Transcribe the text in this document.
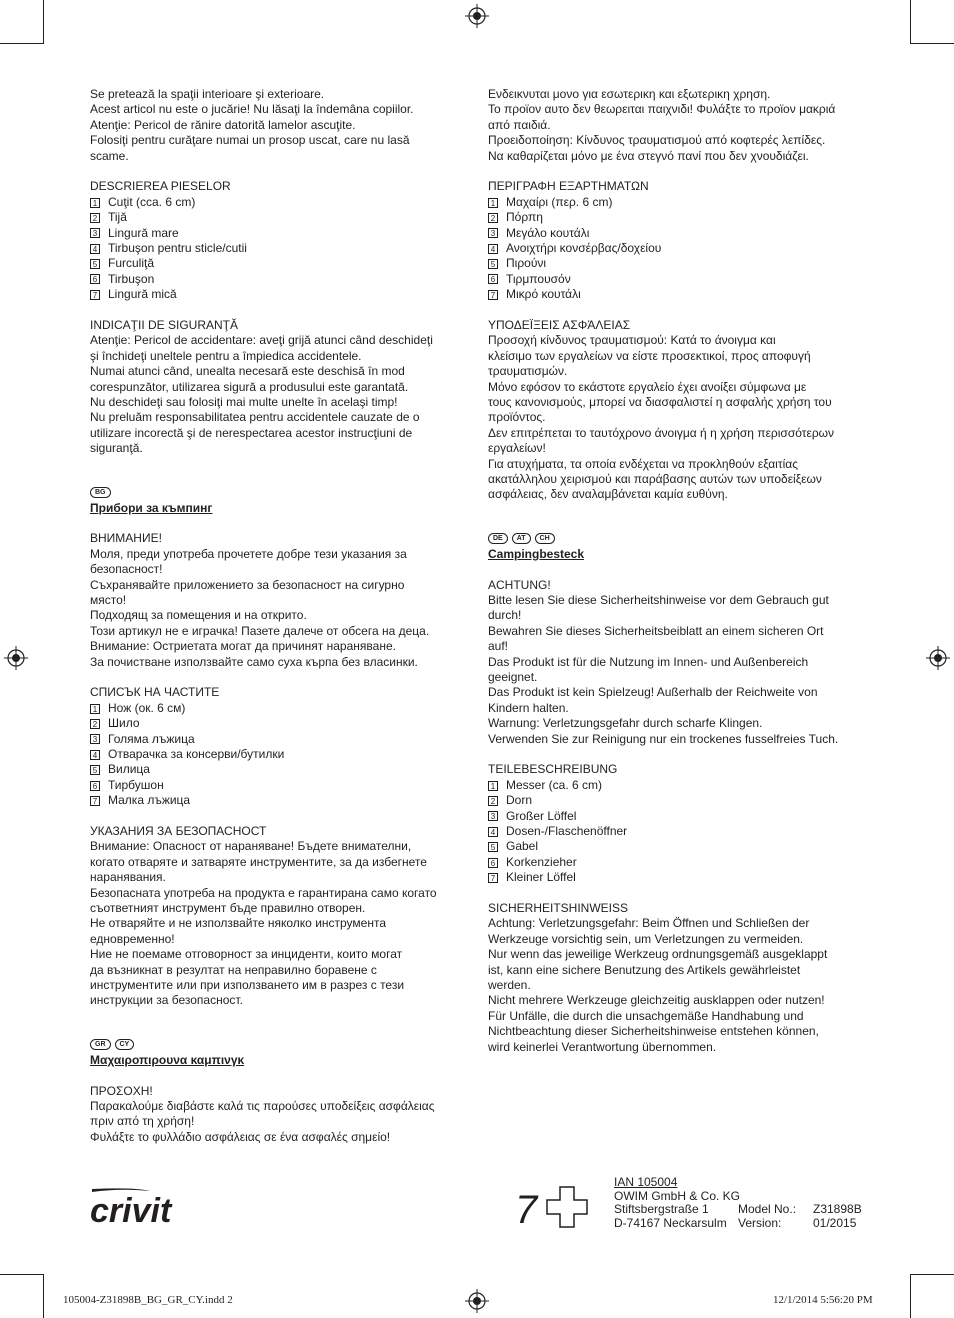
Se pretează la spaţii interioare şi exterioare.

Acest articol nu este o jucărie! Nu lăsaţi la îndemâna copiilor.

Atenţie: Pericol de rănire datorită lamelor ascuţite.

Folosiţi pentru curăţare numai un prosop uscat, care nu lasă

scame.

DESCRIEREA PIESELOR

1 Cuţit (cca. 6 cm)
2 Tijă
3 Lingură mare
4 Tirbuşon pentru sticle/cutii
5 Furculiţă
6 Tirbuşon
7 Lingură mică

INDICAŢII DE SIGURANŢĂ

Atenţie: Pericol de accidentare: aveţi grijă atunci când deschideţi

şi închideţi uneltele pentru a împiedica accidentele.

Numai atunci când, unealta necesară este deschisă în mod

corespunzător, utilizarea sigură a produsului este garantată.

Nu deschideţi sau folosiţi mai multe unelte în acelaşi timp!

Nu preluăm responsabilitatea pentru accidentele cauzate de o

utilizare incorectă şi de nerespectarea acestor instrucţiuni de

siguranţă.

BG

Прибори за къмпинг

ВНИМАНИЕ!

Моля, преди употреба прочетете добре тези указания за

безопасност!

Съхранявайте приложението за безопасност на сигурно

място!

Подходящ за помещения и на открито.

Този артикул не е играчка! Пазете далече от обсега на деца.

Внимание: Остриетата могат да причинят нараняване.

За почистване използвайте само суха кърпа без власинки.

СПИСЪК НА ЧАСТИТЕ

1 Нож (ок. 6 см)
2 Шило
3 Голяма лъжица
4 Отварачка за консерви/бутилки
5 Вилица
6 Тирбушон
7 Малка лъжица

УКАЗАНИЯ ЗА БЕЗОПАСНОСТ

Внимание: Опасност от нараняване! Бъдете внимателни,

когато отваряте и затваряте инструментите, за да избегнете

наранявания.

Безопасната употреба на продукта е гарантирана само когато

съответният инструмент бъде правилно отворен.

Не отваряйте и не използвайте няколко инструмента

едновременно!

Ние не поемаме отговорност за инциденти, които могат

да възникнат в резултат на неправилно боравене с

инструментите или при използването им в разрез с тези

инструкции за безопасност.

GR	CY

Μαχαιροπιρουνα καμπινγκ

ΠΡΟΣΟΧΗ!

Παρακαλούμε διαβάστε καλά τις παρούσες υποδείξεις ασφάλειας

πριν από τη χρήση!

Φυλάξτε το φυλλάδιο ασφάλειας σε ένα ασφαλές σημείο!

Ενδεικνυται μονο για εσωτερικη και εξωτερικη χρηση.

Το προϊον αυτο δεν θεωρειται παιχνιδι! Φυλάξτε το προϊον μακριά

από παιδιά.

Προειδοποίηση: Κίνδυνος τραυματισμού από κοφτερές λεπίδες.

Να καθαρίζεται μόνο με ένα στεγνό πανί που δεν χνουδιάζει.

ΠΕΡΙΓΡΑΦΗ ΕΞΑΡΤΗΜΑΤΩΝ

1 Μαχαίρι (περ. 6 cm)
2 Πόρπη
3 Μεγάλο κουτάλι
4 Ανοιχτήρι κονσέρβας/δοχείου
5 Πιρούνι
6 Τιρμπουσόν
7 Μικρό κουτάλι

ΥΠΟΔΕΪΞΕΙΣ ΑΣΦΆΛΕΙΑΣ

Προσοχή κίνδυνος τραυματισμού: Κατά το άνοιγμα και

κλείσιμο των εργαλείων να είστε προσεκτικοί, προς αποφυγή

τραυματισμών.

Μόνο εφόσον το εκάστοτε εργαλείο έχει ανοίξει σύμφωνα με

τους κανονισμούς, μπορεί να διασφαλιστεί η ασφαλής χρήση του

προϊόντος.

Δεν επιτρέπεται το ταυτόχρονο άνοιγμα ή η χρήση περισσότερων

εργαλείων!

Για ατυχήματα, τα οποία ενδέχεται να προκληθούν εξαιτίας

ακατάλληλου χειρισμού και παράβασης αυτών των υποδείξεων

ασφάλειας, δεν αναλαμβάνεται καμία ευθύνη.

DE	AT	CH

Campingbesteck

ACHTUNG!

Bitte lesen Sie diese Sicherheitshinweise vor dem Gebrauch gut

durch!

Bewahren Sie dieses Sicherheitsbeiblatt an einem sicheren Ort

auf!

Das Produkt ist für die Nutzung im Innen- und Außenbereich

geeignet.

Das Produkt ist kein Spielzeug! Außerhalb der Reichweite von

Kindern halten.

Warnung: Verletzungsgefahr durch scharfe Klingen.

Verwenden Sie zur Reinigung nur ein trockenes fusselfreies Tuch.

TEILEBESCHREIBUNG

1 Messer (ca. 6 cm)
2 Dorn
3 Großer Löffel
4 Dosen-/Flaschenöffner
5 Gabel
6 Korkenzieher
7 Kleiner Löffel

SICHERHEITSHINWEISS

Achtung: Verletzungsgefahr: Beim Öffnen und Schließen der

Werkzeuge vorsichtig sein, um Verletzungen zu vermeiden.

Nur wenn das jeweilige Werkzeug ordnungsgemäß ausgeklappt

ist, kann eine sichere Benutzung des Artikels gewährleistet

werden.

Nicht mehrere Werkzeuge gleichzeitig ausklappen oder nutzen!

Für Unfälle, die durch die unsachgemäße Handhabung und

Nichtbeachtung dieser Sicherheitshinweise entstehen können,

wird keinerlei Verantwortung übernommen.

crivit	7
IAN 105004
OWIM GmbH & Co. KG
Stiftsbergstraße 1	Model No.:	Z31898B
D-74167 Neckarsulm Version:	01/2015
105004-Z31898B_BG_GR_CY.indd 2	12/1/2014 5:56:20 PM
